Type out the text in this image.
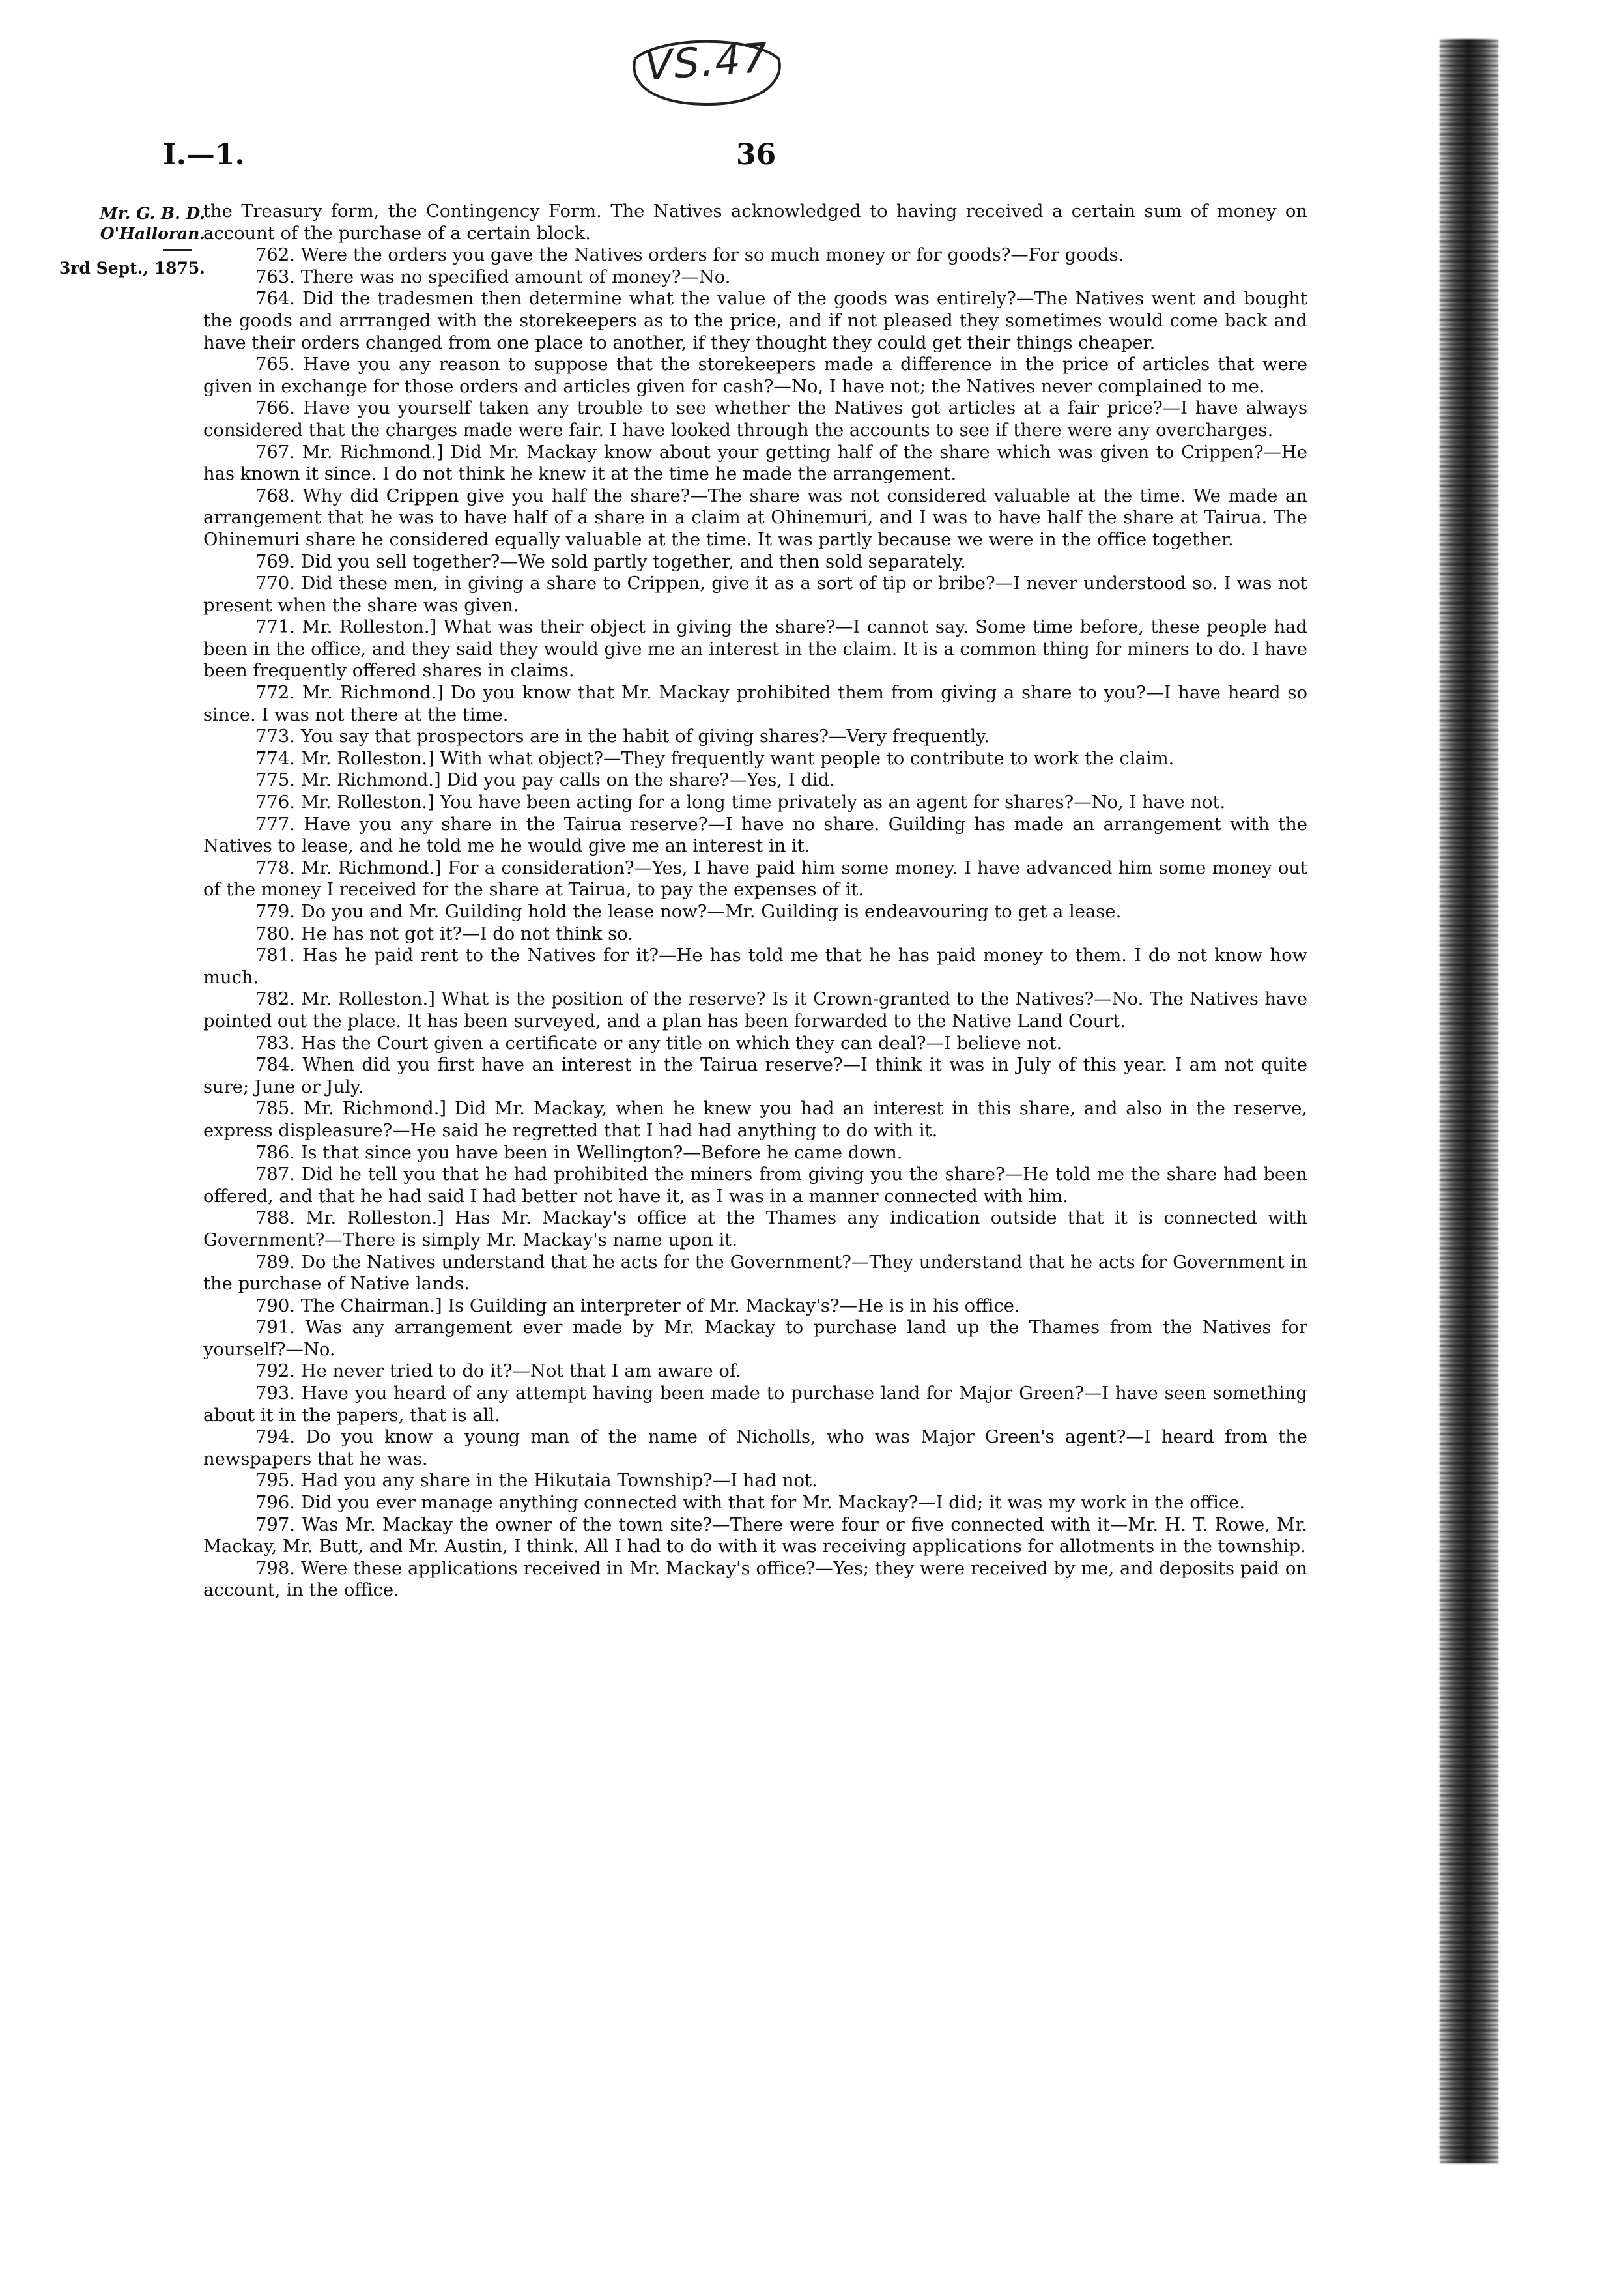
VS.47
I.—1.	36
Mr. G. B. D. O'Halloran.
3rd Sept., 1875.

the Treasury form, the Contingency Form. The Natives acknowledged to having received a certain sum of money on account of the purchase of a certain block.

762. Were the orders you gave the Natives orders for so much money or for goods?—For goods.

763. There was no specified amount of money?—No.

764. Did the tradesmen then determine what the value of the goods was entirely?—The Natives went and bought the goods and arrranged with the storekeepers as to the price, and if not pleased they sometimes would come back and have their orders changed from one place to another, if they thought they could get their things cheaper.

765. Have you any reason to suppose that the storekeepers made a difference in the price of articles that were given in exchange for those orders and articles given for cash?—No, I have not; the Natives never complained to me.

766. Have you yourself taken any trouble to see whether the Natives got articles at a fair price?—I have always considered that the charges made were fair. I have looked through the accounts to see if there were any overcharges.

767. Mr. Richmond.] Did Mr. Mackay know about your getting half of the share which was given to Crippen?—He has known it since. I do not think he knew it at the time he made the arrangement.

768. Why did Crippen give you half the share?—The share was not considered valuable at the time. We made an arrangement that he was to have half of a share in a claim at Ohinemuri, and I was to have half the share at Tairua. The Ohinemuri share he considered equally valuable at the time. It was partly because we were in the office together.

769. Did you sell together?—We sold partly together, and then sold separately.

770. Did these men, in giving a share to Crippen, give it as a sort of tip or bribe?—I never understood so. I was not present when the share was given.

771. Mr. Rolleston.] What was their object in giving the share?—I cannot say. Some time before, these people had been in the office, and they said they would give me an interest in the claim. It is a common thing for miners to do. I have been frequently offered shares in claims.

772. Mr. Richmond.] Do you know that Mr. Mackay prohibited them from giving a share to you?—I have heard so since. I was not there at the time.

773. You say that prospectors are in the habit of giving shares?—Very frequently.

774. Mr. Rolleston.] With what object?—They frequently want people to contribute to work the claim.

775. Mr. Richmond.] Did you pay calls on the share?—Yes, I did.

776. Mr. Rolleston.] You have been acting for a long time privately as an agent for shares?—No, I have not.

777. Have you any share in the Tairua reserve?—I have no share. Guilding has made an arrangement with the Natives to lease, and he told me he would give me an interest in it.

778. Mr. Richmond.] For a consideration?—Yes, I have paid him some money. I have advanced him some money out of the money I received for the share at Tairua, to pay the expenses of it.

779. Do you and Mr. Guilding hold the lease now?—Mr. Guilding is endeavouring to get a lease.

780. He has not got it?—I do not think so.

781. Has he paid rent to the Natives for it?—He has told me that he has paid money to them. I do not know how much.

782. Mr. Rolleston.] What is the position of the reserve? Is it Crown-granted to the Natives?—No. The Natives have pointed out the place. It has been surveyed, and a plan has been forwarded to the Native Land Court.

783. Has the Court given a certificate or any title on which they can deal?—I believe not.

784. When did you first have an interest in the Tairua reserve?—I think it was in July of this year. I am not quite sure; June or July.

785. Mr. Richmond.] Did Mr. Mackay, when he knew you had an interest in this share, and also in the reserve, express displeasure?—He said he regretted that I had had anything to do with it.

786. Is that since you have been in Wellington?—Before he came down.

787. Did he tell you that he had prohibited the miners from giving you the share?—He told me the share had been offered, and that he had said I had better not have it, as I was in a manner connected with him.

788. Mr. Rolleston.] Has Mr. Mackay's office at the Thames any indication outside that it is connected with Government?—There is simply Mr. Mackay's name upon it.

789. Do the Natives understand that he acts for the Government?—They understand that he acts for Government in the purchase of Native lands.

790. The Chairman.] Is Guilding an interpreter of Mr. Mackay's?—He is in his office.

791. Was any arrangement ever made by Mr. Mackay to purchase land up the Thames from the Natives for yourself?—No.

792. He never tried to do it?—Not that I am aware of.

793. Have you heard of any attempt having been made to purchase land for Major Green?—I have seen something about it in the papers, that is all.

794. Do you know a young man of the name of Nicholls, who was Major Green's agent?—I heard from the newspapers that he was.

795. Had you any share in the Hikutaia Township?—I had not.

796. Did you ever manage anything connected with that for Mr. Mackay?—I did; it was my work in the office.

797. Was Mr. Mackay the owner of the town site?—There were four or five connected with it—Mr. H. T. Rowe, Mr. Mackay, Mr. Butt, and Mr. Austin, I think. All I had to do with it was receiving applications for allotments in the township.

798. Were these applications received in Mr. Mackay's office?—Yes; they were received by me, and deposits paid on account, in the office.
